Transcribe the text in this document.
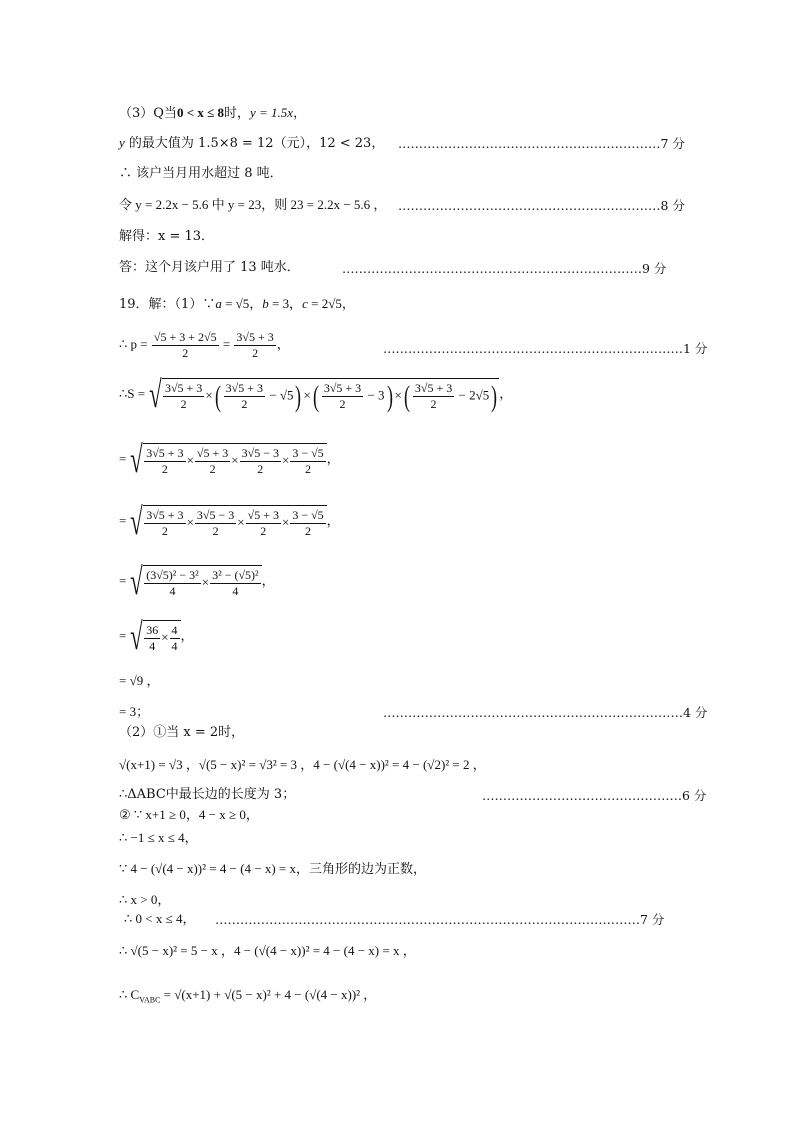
（3）Q当0 < x ≤ 8时，y = 1.5x，
y 的最大值为 1.5×8 = 12（元），12 < 23， ………………………………………………………7 分
∴ 该户当月用水超过 8 吨．
令 y = 2.2x − 5.6 中 y = 23，则 23 = 2.2x − 5.6 ， ………………………………………………………8 分
解得：x = 13．
答：这个月该户用了 13 吨水．	………………………………………………………………9 分
19．解：（1）∵a = √5，b = 3，c = 2√5，
∴ $p = \frac{√5 + 3 + 2√5}{2} = \frac{3√5 + 3}{2}$ ，	………………………………………………………………1 分
∴S = √ $\frac{3√5 + 3}{2}$ ×( $\frac{3√5 + 3}{2} - √5$) ×( $\frac{3√5 + 3}{2} - 3$) ×( $\frac{3√5 + 3}{2} - 2√5$) ，
= √ $\frac{3√5 + 3}{2} \times \frac{√5 + 3}{2} \times \frac{3√5 - 3}{2} \times \frac{3 - √5}{2}$ ，
= √ $\frac{3√5 + 3}{2} \times \frac{3√5 - 3}{2} \times \frac{√5 + 3}{2} \times \frac{3 - √5}{2}$ ，
= √ $\frac{\text{(3√5)² − 3²}}{4} \times \frac{\text{3² − (√5)²}}{4}$ ，
= √ $\frac{36}{4} \times \frac{4}{4}$ ，
= √9 ，
= 3；	………………………………………………………………4 分
（2）①当 x = 2时，
√(x+1) = √3 ，√(5 − x)² = √3² = 3 ，4 − (√(4 − x))² = 4 − (√2)² = 2 ，
∴ΔABC中最长边的长度为 3；	…………………………………………6 分
② ∵ x+1 ≥ 0，4 − x ≥ 0，
∴ −1 ≤ x ≤ 4，
∵ 4 − (√(4 − x))² = 4 − (4 − x) = x，三角形的边为正数，
∴ x > 0，
∴ 0 < x ≤ 4， …………………………………………………………………………………………7 分
∴ √(5 − x)² = 5 − x ，4 − (√(4 − x))² = 4 − (4 − x) = x ，
∴ $C_{VABC} = √(x+1) + √(5 - x)^2 + 4 - (√(4 - x))^2$ ，
